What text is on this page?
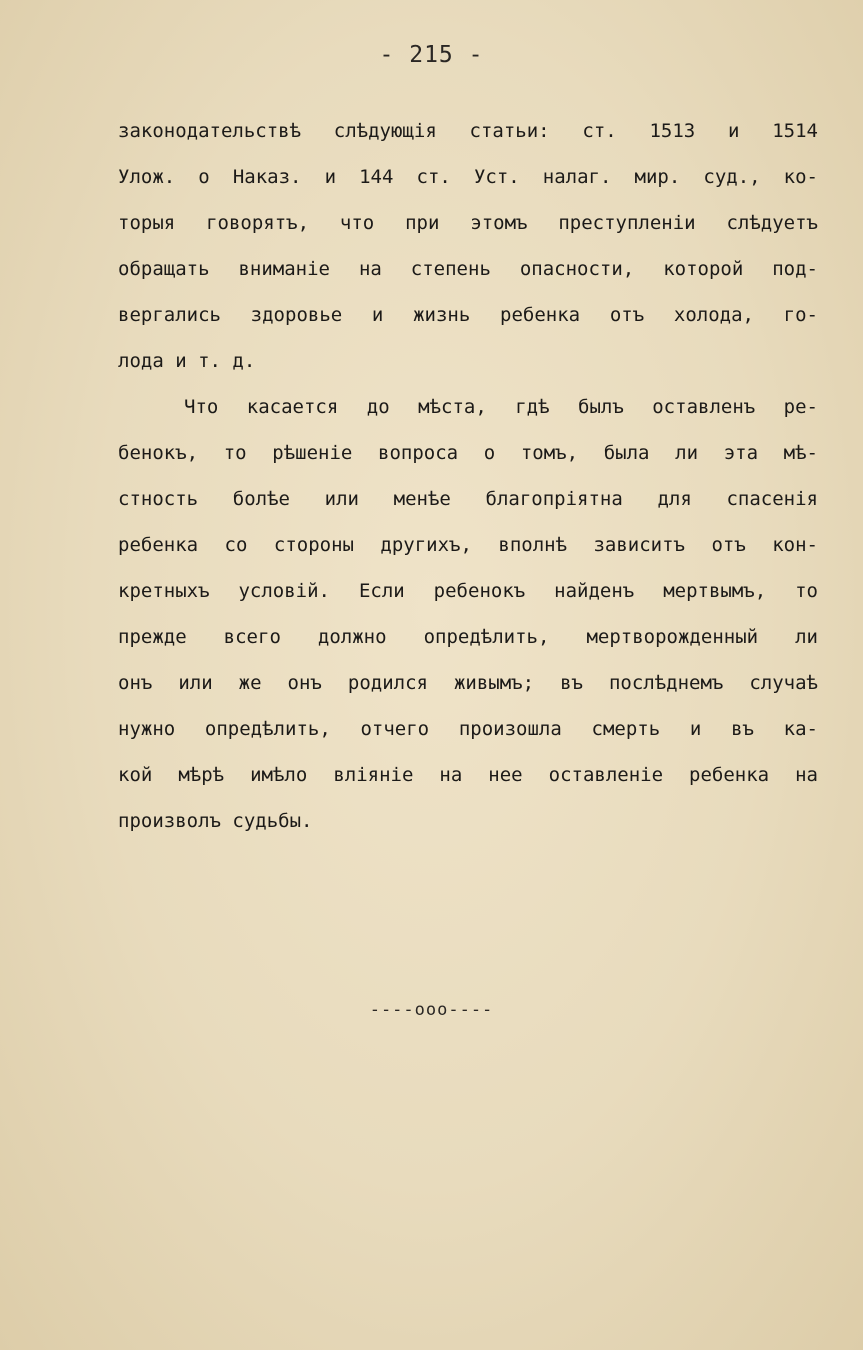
- 215 -
законодательствѣ слѣдующія статьи: ст. 1513 и 1514
Улож. о Наказ. и 144 ст. Уст. налаг. мир. суд., ко-
торыя говорятъ, что при этомъ преступленіи слѣдуетъ
обращать вниманіе на степень опасности, которой под-
вергались здоровье и жизнь ребенка отъ холода, го-
лода и т. д.
Что касается до мѣста, гдѣ былъ оставленъ ре-
бенокъ, то рѣшеніе вопроса о томъ, была ли эта мѣ-
стность болѣе или менѣе благопріятна для спасенія
ребенка со стороны другихъ, вполнѣ зависитъ отъ кон-
кретныхъ условій. Если ребенокъ найденъ мертвымъ, то
прежде всего должно опредѣлить, мертворожденный ли
онъ или же онъ родился живымъ; въ послѣднемъ случаѣ
нужно опредѣлить, отчего произошла смерть и въ ка-
кой мѣрѣ имѣло вліяніе на нее оставленіе ребенка на
произволъ судьбы.
----ооо----
